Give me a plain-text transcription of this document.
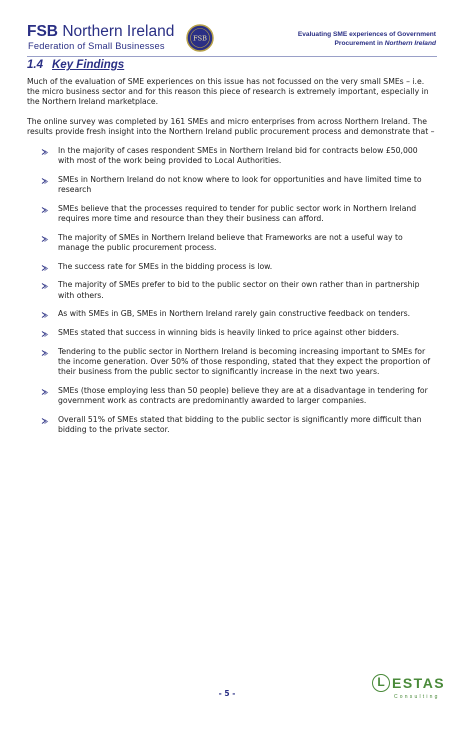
FSB Northern Ireland
Federation of Small Businesses
FSB	Evaluating SME experiences of Government
Procurement in Northern Ireland
1.4 Key Findings

Much of the evaluation of SME experiences on this issue has not focussed on the very small SMEs – i.e. the micro business sector and for this reason this piece of research is extremely important, especially in the Northern Ireland marketplace.

The online survey was completed by 161 SMEs and micro enterprises from across Northern Ireland. The results provide fresh insight into the Northern Ireland public procurement process and demonstrate that –

In the majority of cases respondent SMEs in Northern Ireland bid for contracts below £50,000 with most of the work being provided to Local Authorities.
SMEs in Northern Ireland do not know where to look for opportunities and have limited time to research
SMEs believe that the processes required to tender for public sector work in Northern Ireland requires more time and resource than they their business can afford.
The majority of SMEs in Northern Ireland believe that Frameworks are not a useful way to manage the public procurement process.
The success rate for SMEs in the bidding process is low.
The majority of SMEs prefer to bid to the public sector on their own rather than in partnership with others.
As with SMEs in GB, SMEs in Northern Ireland rarely gain constructive feedback on tenders.
SMEs stated that success in winning bids is heavily linked to price against other bidders.
Tendering to the public sector in Northern Ireland is becoming increasing important to SMEs for the income generation. Over 50% of those responding, stated that they expect the proportion of their business from the public sector to significantly increase in the next two years.
SMEs (those employing less than 50 people) believe they are at a disadvantage in tendering for government work as contracts are predominantly awarded to larger companies.
Overall 51% of SMEs stated that bidding to the public sector is significantly more difficult than bidding to the private sector.
- 5 -
L ESTAS
Consulting
